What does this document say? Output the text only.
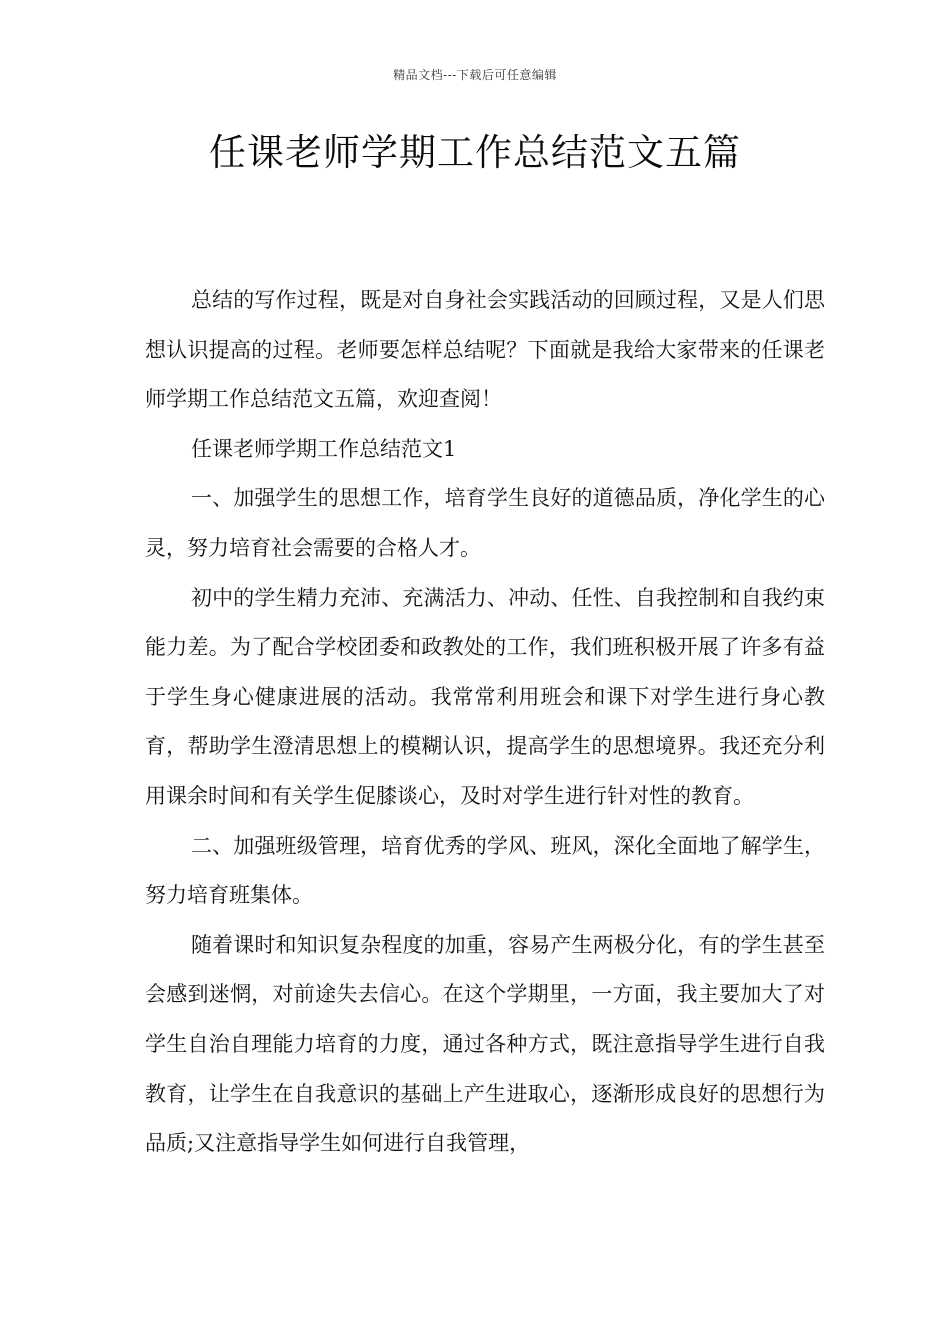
精品文档---下载后可任意编辑
任课老师学期工作总结范文五篇

总结的写作过程，既是对自身社会实践活动的回顾过程，又是人们思想认识提高的过程。老师要怎样总结呢？下面就是我给大家带来的任课老师学期工作总结范文五篇，欢迎查阅！

任课老师学期工作总结范文1

一、加强学生的思想工作，培育学生良好的道德品质，净化学生的心灵，努力培育社会需要的合格人才。

初中的学生精力充沛、充满活力、冲动、任性、自我控制和自我约束能力差。为了配合学校团委和政教处的工作，我们班积极开展了许多有益于学生身心健康进展的活动。我常常利用班会和课下对学生进行身心教育，帮助学生澄清思想上的模糊认识，提高学生的思想境界。我还充分利用课余时间和有关学生促膝谈心，及时对学生进行针对性的教育。

二、加强班级管理，培育优秀的学风、班风，深化全面地了解学生，努力培育班集体。

随着课时和知识复杂程度的加重，容易产生两极分化，有的学生甚至会感到迷惘，对前途失去信心。在这个学期里，一方面，我主要加大了对学生自治自理能力培育的力度，通过各种方式，既注意指导学生进行自我教育，让学生在自我意识的基础上产生进取心，逐渐形成良好的思想行为品质;又注意指导学生如何进行自我管理，
